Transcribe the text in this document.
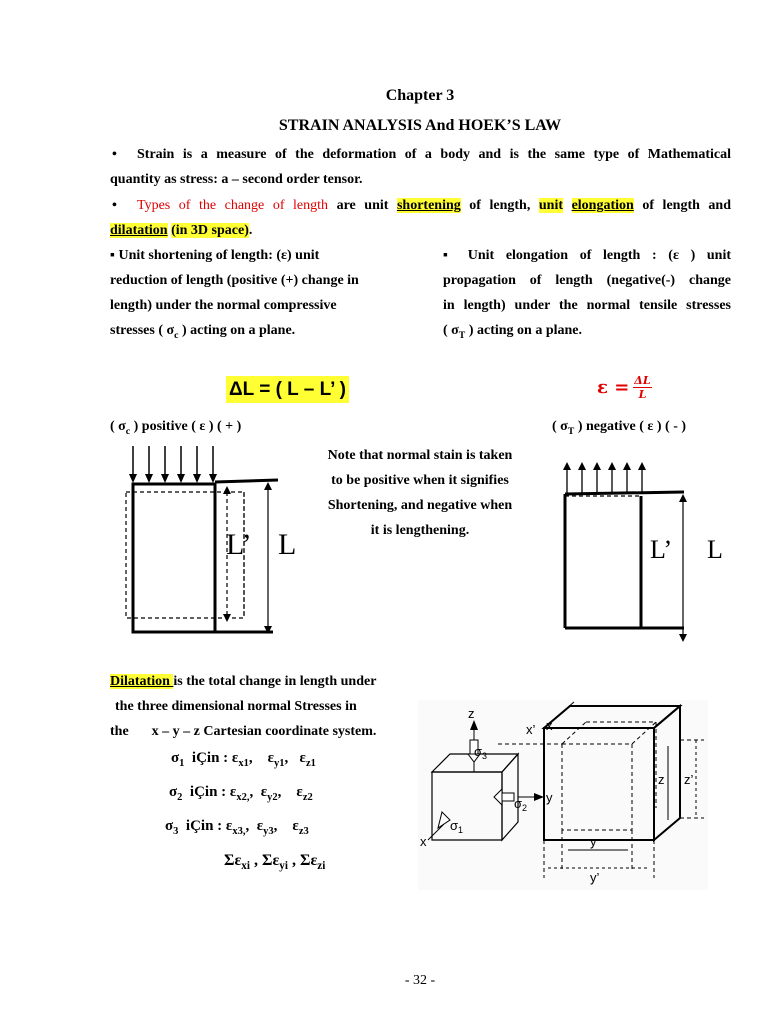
Chapter 3
STRAIN ANALYSIS And HOEK’S LAW
• Strain is a measure of the deformation of a body and is the same type of Mathematical
quantity as stress: a – second order tensor.
• Types of the change of length are unit shortening of length, unit elongation of length and
dilatation (in 3D space).
▪ Unit shortening of length: (ε) unit
reduction of length (positive (+) change in
length) under the normal compressive
stresses ( $\sigma_c$ ) acting on a plane.
▪ Unit elongation of length : (ε ) unit
propagation of length (negative(-) change
in length) under the normal tensile stresses
( $\sigma_T$ ) acting on a plane.
ΔL = ( L – L’ )	$\varepsilon = \frac{\Delta L}{L}$
( $\sigma_c$ ) positive ( ε ) ( + )	( $\sigma_T$ ) negative ( ε ) ( - )
Note that normal stain is taken
to be positive when it signifies
Shortening, and negative when
it is lengthening.
L’ L	L’ L
Dilatation is the total change in length under
the three dimensional normal Stresses in
the x – y – z Cartesian coordinate system.
$\sigma_1$ iÇin : $\varepsilon_{x1}$,    $\varepsilon_{y1}$,   $\varepsilon_{z1}$
$\sigma_2$ iÇin : $\varepsilon_{x2,}$,  $\varepsilon_{y2}$,    $\varepsilon_{z2}$
$\sigma_3$ iÇin : $\varepsilon_{x3,}$,  $\varepsilon_{y3}$,    $\varepsilon_{z3}$
$\Sigma\varepsilon_{xi}$ , $\Sigma\varepsilon_{yi}$ , $\Sigma\varepsilon_{zi}$
z
y
x
$\sigma_3$
$\sigma_2$
$\sigma_1$
x’ x
z z’
y
y’
- 32 -
